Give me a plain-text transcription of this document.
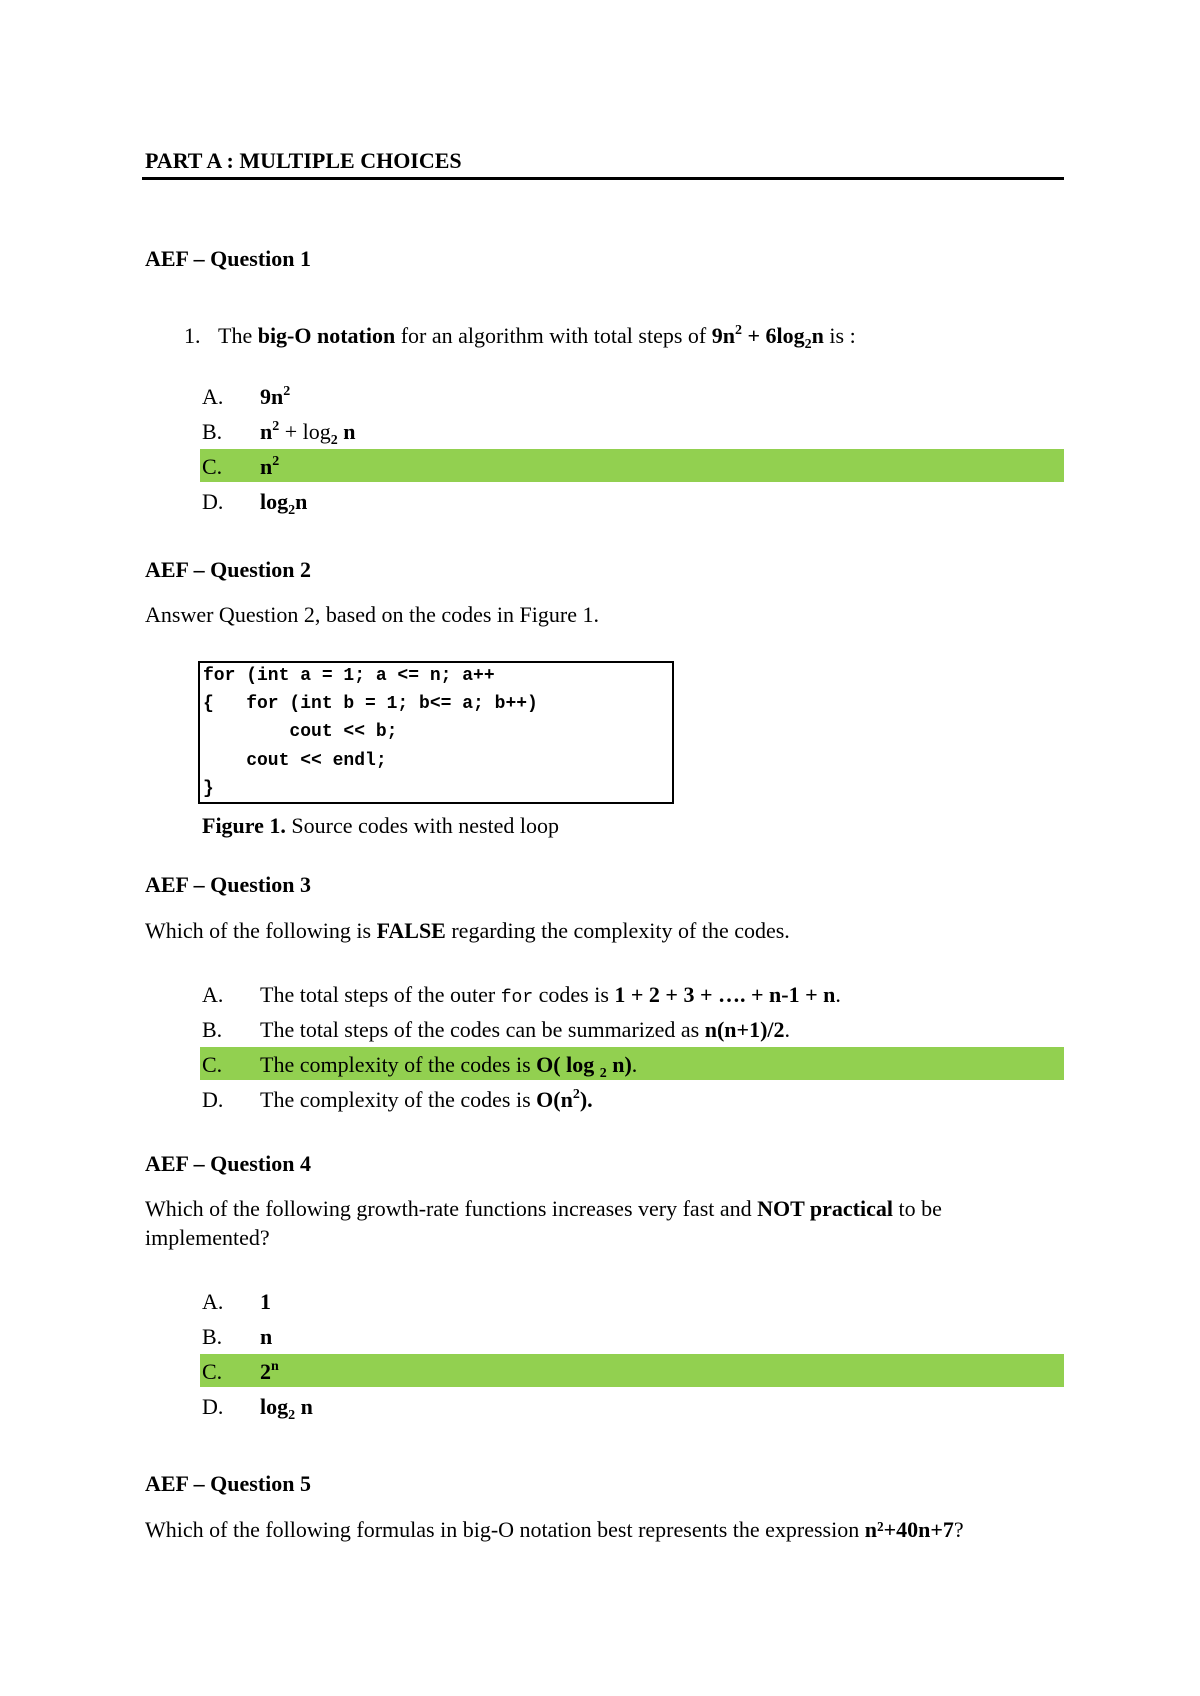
PART A : MULTIPLE CHOICES
AEF – Question 1
1. The big-O notation for an algorithm with total steps of $9n^2 + 6\log_2n$ is :
A. $9n^2$
B. $n^2 + \log_2 n$
C. $n^2$
D. $\log_2n$
AEF – Question 2
Answer Question 2, based on the codes in Figure 1.
for (int a = 1; a <= n; a++
{   for (int b = 1; b<= a; b++)
cout << b;
cout << endl;
}
Figure 1. Source codes with nested loop
AEF – Question 3
Which of the following is FALSE regarding the complexity of the codes.
A. The total steps of the outer for codes is 1 + 2 + 3 + …. + n-1 + n.
B. The total steps of the codes can be summarized as n(n+1)/2.
C. The complexity of the codes is O( log $_2$ n).
D. The complexity of the codes is $O(n^2)$.
AEF – Question 4
Which of the following growth-rate functions increases very fast and NOT practical to be
implemented?
A. 1
B. n
C. 2$^n$
D. $\log_2 n$
AEF – Question 5
Which of the following formulas in big-O notation best represents the expression n²+40n+7?
